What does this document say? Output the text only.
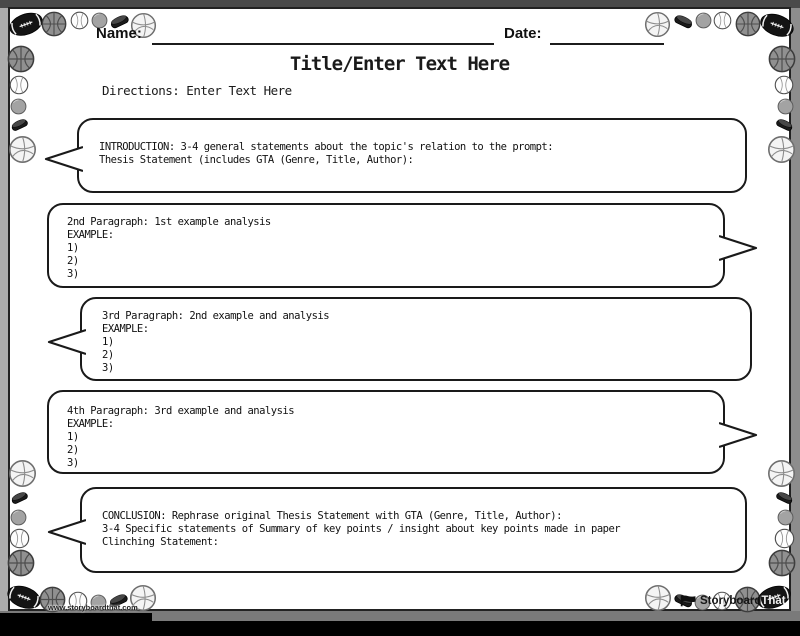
Name:	Date:
Title/Enter Text Here
Directions: Enter Text Here
INTRODUCTION: 3-4 general statements about the topic's relation to the prompt:
Thesis Statement (includes GTA (Genre, Title, Author):
2nd Paragraph: 1st example analysis
EXAMPLE:
1)
2)
3)
3rd Paragraph: 2nd example and analysis
EXAMPLE:
1)
2)
3)
4th Paragraph: 3rd example and analysis
EXAMPLE:
1)
2)
3)
CONCLUSION: Rephrase original Thesis Statement with GTA (Genre, Title, Author):
3-4 Specific statements of Summary of key points / insight about key points made in paper
Clinching Statement:
www.storyboardthat.com
StoryboardThat
